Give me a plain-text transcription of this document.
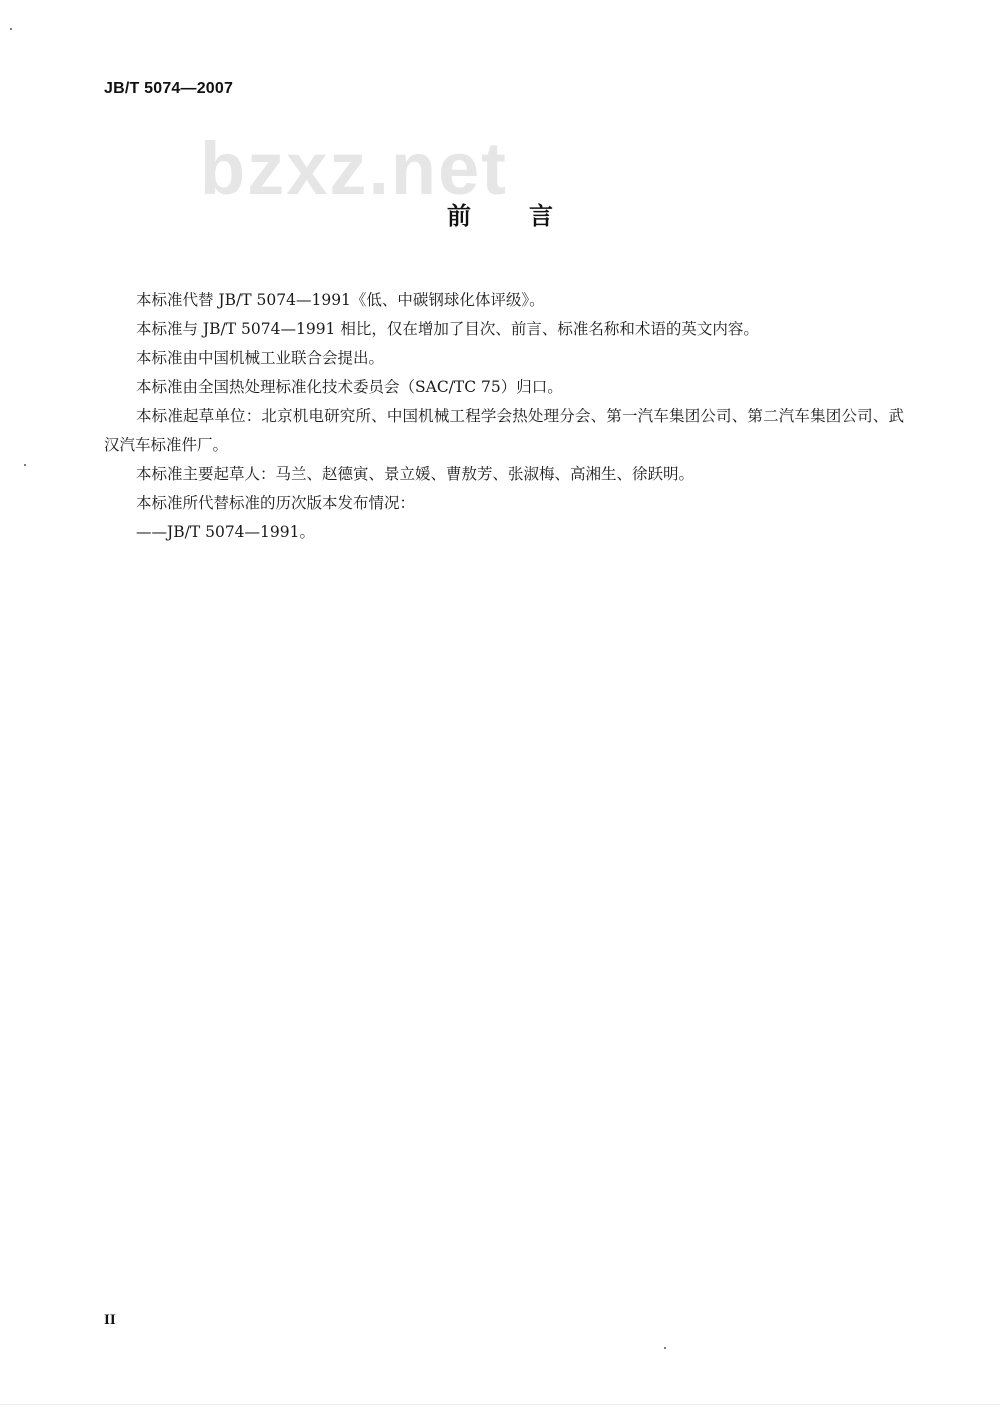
JB/T 5074—2007
bzxz.net
前言

本标准代替 JB/T 5074—1991《低、中碳钢球化体评级》。

本标准与 JB/T 5074—1991 相比，仅在增加了目次、前言、标准名称和术语的英文内容。

本标准由中国机械工业联合会提出。

本标准由全国热处理标准化技术委员会（SAC/TC 75）归口。

本标准起草单位：北京机电研究所、中国机械工程学会热处理分会、第一汽车集团公司、第二汽车集团公司、武汉汽车标准件厂。

本标准主要起草人：马兰、赵德寅、景立媛、曹敖芳、张淑梅、高湘生、徐跃明。

本标准所代替标准的历次版本发布情况：

——JB/T 5074—1991。

II
